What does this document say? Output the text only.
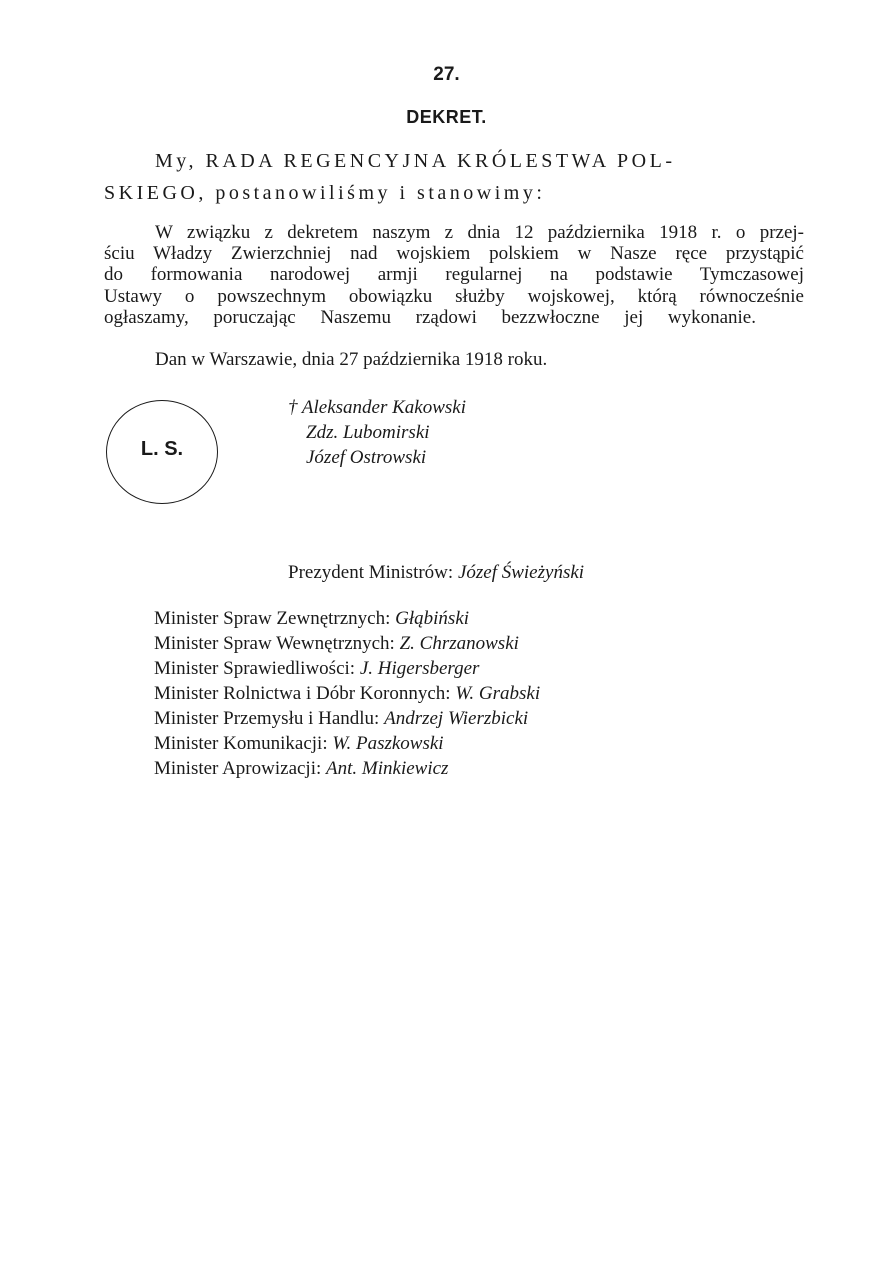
27.
DEKRET.
My, RADA REGENCYJNA KRÓLESTWA POL-
SKIEGO, postanowiliśmy i stanowimy:
W związku z dekretem naszym z dnia 12 października 1918 r. o przej-
ściu Władzy Zwierzchniej nad wojskiem polskiem w Nasze ręce przystąpić
do formowania narodowej armji regularnej na podstawie Tymczasowej
Ustawy o powszechnym obowiązku służby wojskowej, którą równocześnie
ogłaszamy, poruczając Naszemu rządowi bezzwłoczne jej wykonanie.
Dan w Warszawie, dnia 27 października 1918 roku.
L. S.
† Aleksander Kakowski
Zdz. Lubomirski
Józef Ostrowski
Prezydent Ministrów: Józef Świeżyński
Minister Spraw Zewnętrznych: Głąbiński
Minister Spraw Wewnętrznych: Z. Chrzanowski
Minister Sprawiedliwości: J. Higersberger
Minister Rolnictwa i Dóbr Koronnych: W. Grabski
Minister Przemysłu i Handlu: Andrzej Wierzbicki
Minister Komunikacji: W. Paszkowski
Minister Aprowizacji: Ant. Minkiewicz
